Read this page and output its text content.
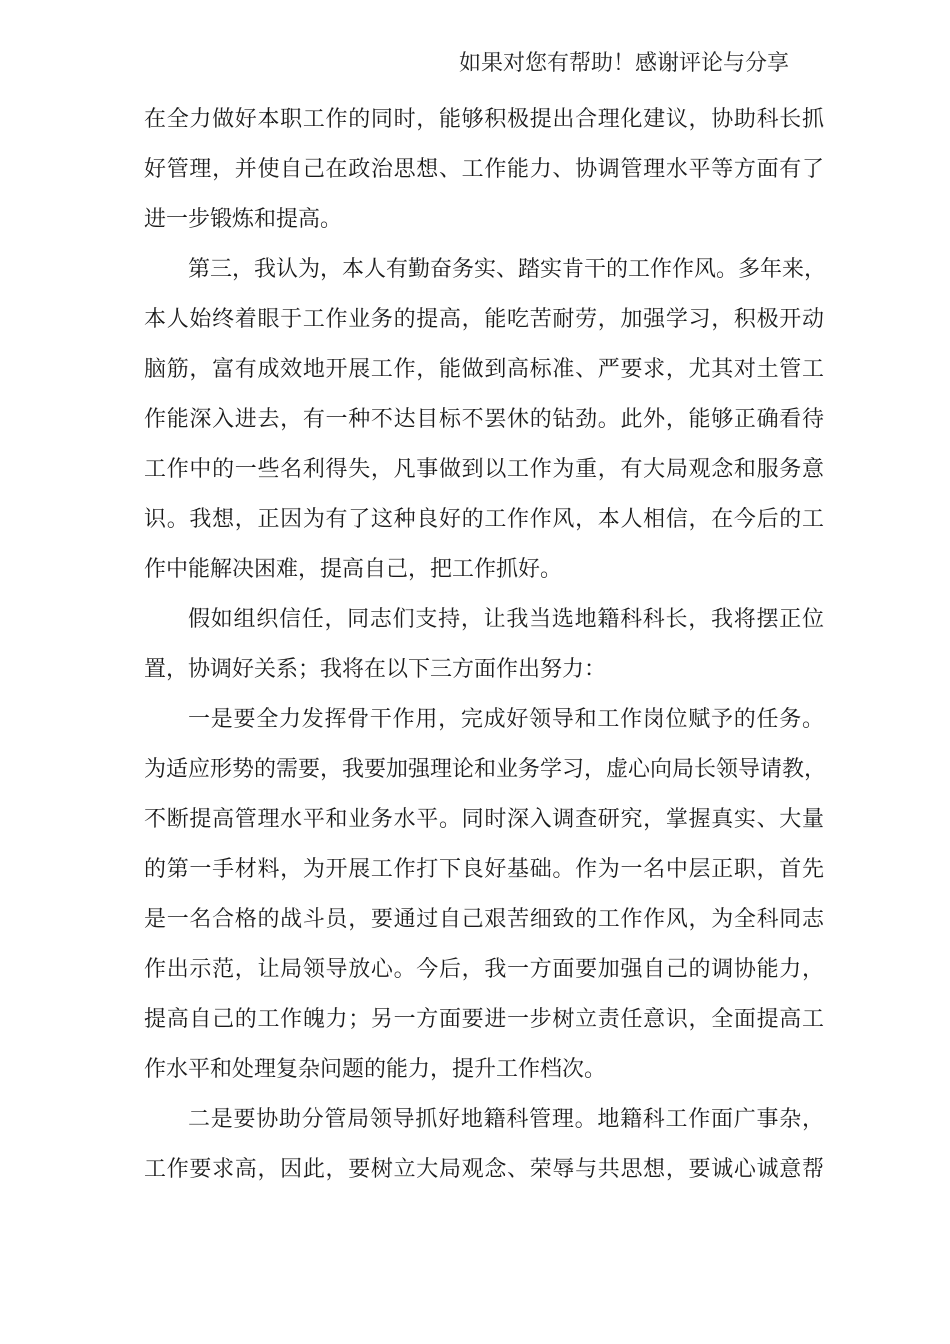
如果对您有帮助！感谢评论与分享
在全力做好本职工作的同时，能够积极提出合理化建议，协助科长抓
好管理，并使自己在政治思想、工作能力、协调管理水平等方面有了
进一步锻炼和提高。
第三，我认为，本人有勤奋务实、踏实肯干的工作作风。多年来，
本人始终着眼于工作业务的提高，能吃苦耐劳，加强学习，积极开动
脑筋，富有成效地开展工作，能做到高标准、严要求，尤其对土管工
作能深入进去，有一种不达目标不罢休的钻劲。此外，能够正确看待
工作中的一些名利得失，凡事做到以工作为重，有大局观念和服务意
识。我想，正因为有了这种良好的工作作风，本人相信，在今后的工
作中能解决困难，提高自己，把工作抓好。
假如组织信任，同志们支持，让我当选地籍科科长，我将摆正位
置，协调好关系；我将在以下三方面作出努力：
一是要全力发挥骨干作用，完成好领导和工作岗位赋予的任务。
为适应形势的需要，我要加强理论和业务学习，虚心向局长领导请教，
不断提高管理水平和业务水平。同时深入调查研究，掌握真实、大量
的第一手材料，为开展工作打下良好基础。作为一名中层正职，首先
是一名合格的战斗员，要通过自己艰苦细致的工作作风，为全科同志
作出示范，让局领导放心。今后，我一方面要加强自己的调协能力，
提高自己的工作魄力；另一方面要进一步树立责任意识，全面提高工
作水平和处理复杂问题的能力，提升工作档次。
二是要协助分管局领导抓好地籍科管理。地籍科工作面广事杂，
工作要求高，因此，要树立大局观念、荣辱与共思想，要诚心诚意帮
